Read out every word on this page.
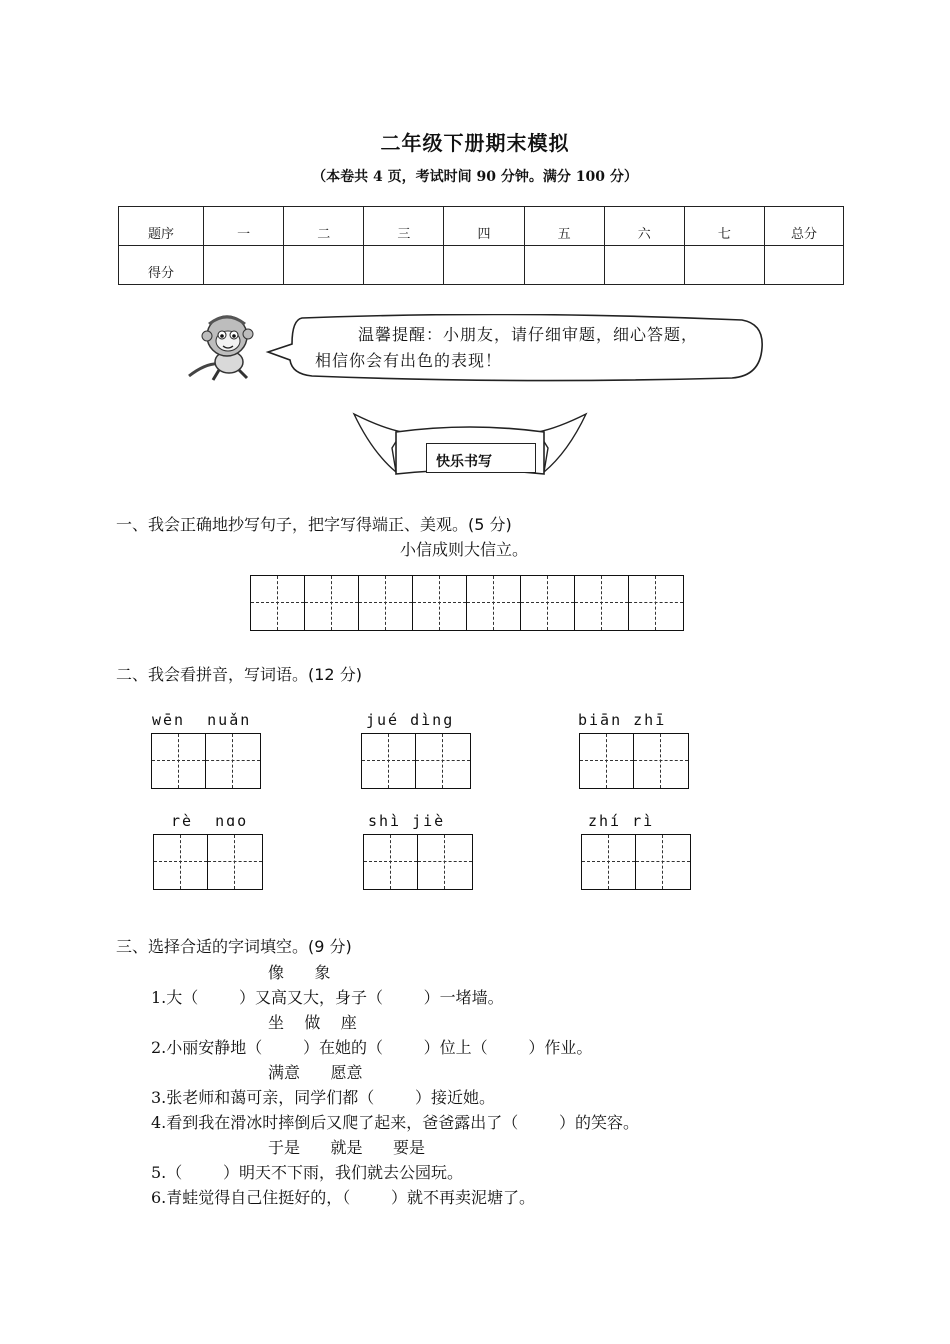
二年级下册期末模拟
（本卷共 4 页，考试时间 90 分钟。满分 100 分）
题序	一	二	三	四	五	六	七	总分
得分								
温馨提醒：小朋友，请仔细审题，细心答题，
相信你会有出色的表现！
快乐书写
一、我会正确地抄写句子，把字写得端正、美观。(5 分)
小信成则大信立。
二、我会看拼音，写词语。(12 分)
wēn  nuǎn	jué dìng	biān zhī
rè  nɑo	shì jiè	zhí rì
三、选择合适的字词填空。(9 分)
像      象
1.大（        ）又高又大，身子（        ）一堵墙。
坐    做    座
2.小丽安静地（        ）在她的（        ）位上（        ）作业。
满意      愿意
3.张老师和蔼可亲，同学们都（        ）接近她。
4.看到我在滑冰时摔倒后又爬了起来，爸爸露出了（        ）的笑容。
于是      就是      要是
5.（        ）明天不下雨，我们就去公园玩。
6.青蛙觉得自己住挺好的，（        ）就不再卖泥塘了。
